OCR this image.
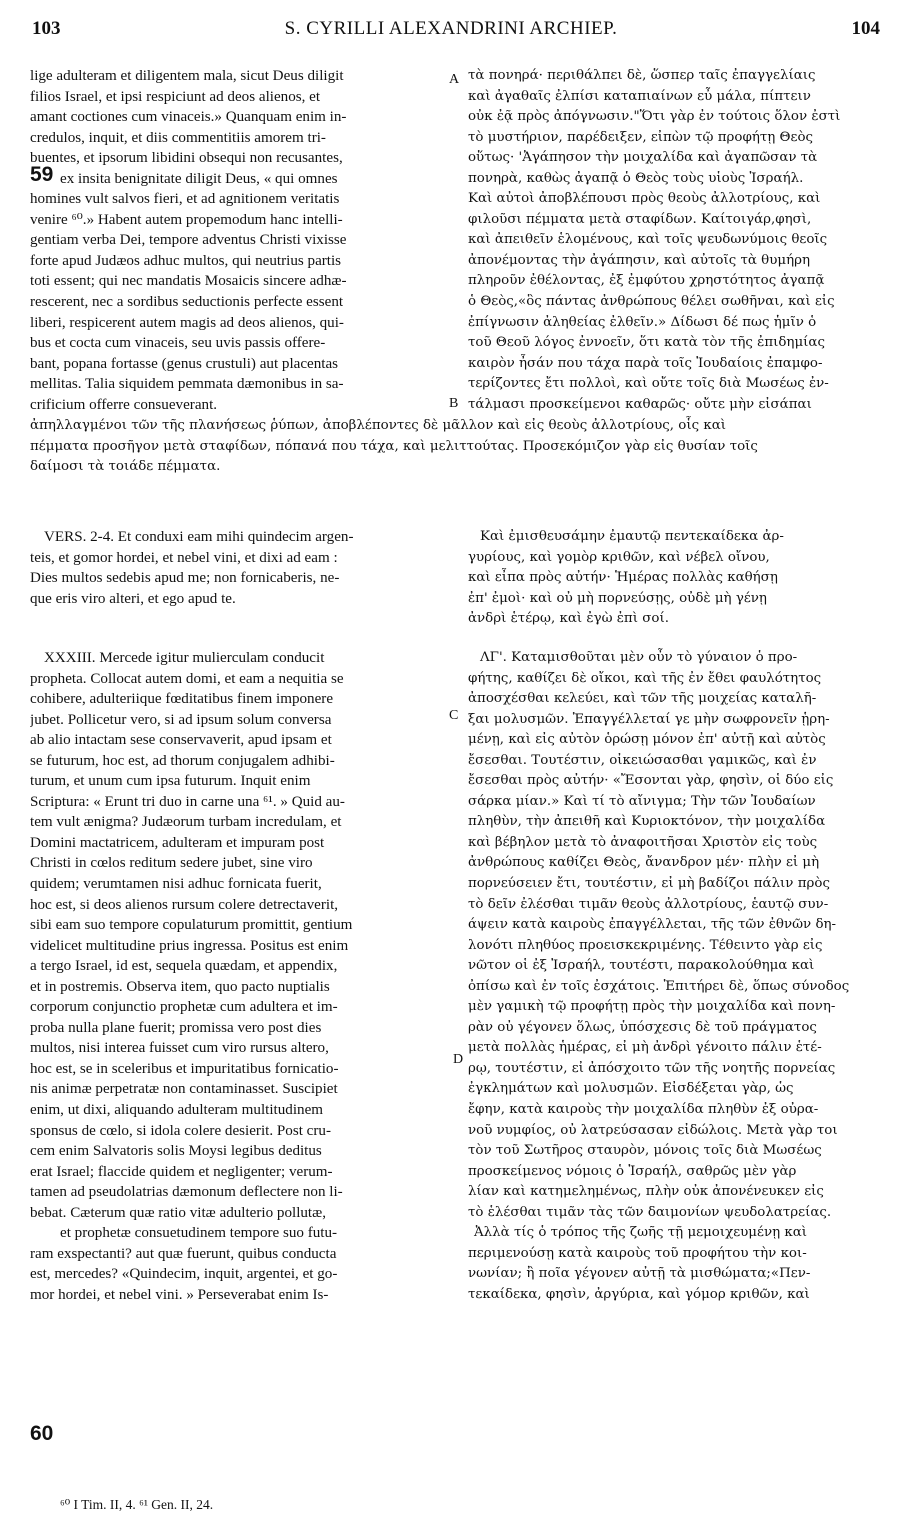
103	S. CYRILLI ALEXANDRINI ARCHIEP.	104
lige adulteram et diligentem mala, sicut Deus diligit
filios Israel, et ipsi respiciunt ad deos alienos, et
amant coctiones cum vinaceis.» Quanquam enim in-
credulos, inquit, et diis commentitiis amorem tri-
buentes, et ipsorum libidini obsequi non recusantes,
ex insita benignitate diligit Deus, « qui omnes
homines vult salvos fieri, et ad agnitionem veritatis
venire ⁶⁰.» Habent autem propemodum hanc intelli-
gentiam verba Dei, tempore adventus Christi vixisse
forte apud Judæos adhuc multos, qui neutrius partis
toti essent; qui nec mandatis Mosaicis sincere adhæ-
rescerent, nec a sordibus seductionis perfecte essent
liberi, respicerent autem magis ad deos alienos, qui-
bus et cocta cum vinaceis, seu uvis passis offere-
bant, popana fortasse (genus crustuli) aut placentas
mellitas. Talia siquidem pemmata dæmonibus in sa-
crificium offerre consueverant.
τὰ πονηρά· περιθάλπει δὲ, ὥσπερ ταῖς ἐπαγγελίαις
καὶ ἀγαθαῖς ἐλπίσι καταπιαίνων εὖ μάλα, πίπτειν
οὐκ ἐᾷ πρὸς ἀπόγνωσιν."Ὅτι γὰρ ἐν τούτοις ὅλον ἐστὶ
τὸ μυστήριον, παρέδειξεν, εἰπὼν τῷ προφήτῃ Θεὸς
οὕτως· 'Ἀγάπησον τὴν μοιχαλίδα καὶ ἀγαπῶσαν τὰ
πονηρὰ, καθὼς ἀγαπᾷ ὁ Θεὸς τοὺς υἱοὺς Ἰσραήλ.
Καὶ αὐτοὶ ἀποβλέπουσι πρὸς θεοὺς ἀλλοτρίους, καὶ
φιλοῦσι πέμματα μετὰ σταφίδων. Καίτοιγάρ,φησὶ,
καὶ ἀπειθεῖν ἑλομένους, καὶ τοῖς ψευδωνύμοις θεοῖς
ἀπονέμοντας τὴν ἀγάπησιν, καὶ αὐτοῖς τὰ θυμήρη
πληροῦν ἐθέλοντας, ἐξ ἐμφύτου χρηστότητος ἀγαπᾷ
ὁ Θεὸς,«ὃς πάντας ἀνθρώπους θέλει σωθῆναι, καὶ εἰς
ἐπίγνωσιν ἀληθείας ἐλθεῖν.» Δίδωσι δέ πως ἡμῖν ὁ
τοῦ Θεοῦ λόγος ἐννοεῖν, ὅτι κατὰ τὸν τῆς ἐπιδημίας
καιρὸν ἦσάν που τάχα παρὰ τοῖς Ἰουδαίοις ἐπαμφο-
τερίζοντες ἔτι πολλοὶ, καὶ οὔτε τοῖς διὰ Μωσέως ἐν-
τάλμασι προσκείμενοι καθαρῶς· οὔτε μὴν εἰσάπαι
ἀπηλλαγμένοι τῶν τῆς πλανήσεως ῥύπων, ἀποβλέποντες δὲ μᾶλλον καὶ εἰς θεοὺς ἀλλοτρίους, οἷς καὶ
πέμματα προσῆγον μετὰ σταφίδων, πόπανά που τάχα, καὶ μελιττούτας. Προσεκόμιζον γὰρ εἰς θυσίαν τοῖς
δαίμοσι τὰ τοιάδε πέμματα.
VERS. 2-4. Et conduxi eam mihi quindecim argen-
teis, et gomor hordei, et nebel vini, et dixi ad eam :
Dies multos sedebis apud me; non fornicaberis, ne-
que eris viro alteri, et ego apud te.
Καὶ ἐμισθευσάμην ἐμαυτῷ πεντεκαίδεκα ἀρ-
γυρίους, καὶ γομὸρ κριθῶν, καὶ νέβελ οἴνου,
καὶ εἶπα πρὸς αὐτήν· Ἡμέρας πολλὰς καθήσῃ
ἐπ' ἐμοὶ· καὶ οὐ μὴ πορνεύσῃς, οὐδὲ μὴ γένῃ
ἀνδρὶ ἑτέρῳ, καὶ ἐγὼ ἐπὶ σοί.
XXXIII. Mercede igitur mulierculam conducit
propheta. Collocat autem domi, et eam a nequitia se
cohibere, adulteriique fœditatibus finem imponere
jubet. Pollicetur vero, si ad ipsum solum conversa
ab alio intactam sese conservaverit, apud ipsam et
se futurum, hoc est, ad thorum conjugalem adhibi-
turum, et unum cum ipsa futurum. Inquit enim
Scriptura: « Erunt tri duo in carne una ⁶¹. » Quid au-
tem vult ænigma? Judæorum turbam incredulam, et
Domini mactatricem, adulteram et impuram post
Christi in cœlos reditum sedere jubet, sine viro
quidem; verumtamen nisi adhuc fornicata fuerit,
hoc est, si deos alienos rursum colere detrectaverit,
sibi eam suo tempore copulaturum promittit, gentium
videlicet multitudine prius ingressa. Positus est enim
a tergo Israel, id est, sequela quædam, et appendix,
et in postremis. Observa item, quo pacto nuptialis
corporum conjunctio prophetæ cum adultera et im-
proba nulla plane fuerit; promissa vero post dies
multos, nisi interea fuisset cum viro rursus altero,
hoc est, se in sceleribus et impuritatibus fornicatio-
nis animæ perpetratæ non contaminasset. Suscipiet
enim, ut dixi, aliquando adulteram multitudinem
sponsus de cœlo, si idola colere desierit. Post cru-
cem enim Salvatoris solis Moysi legibus deditus
erat Israel; flaccide quidem et negligenter; verum-
tamen ad pseudolatrias dæmonum deflectere non li-
bebat. Cæterum quæ ratio vitæ adulterio pollutæ,
et prophetæ consuetudinem tempore suo futu-
ram exspectanti? aut quæ fuerunt, quibus conducta
est, mercedes? «Quindecim, inquit, argentei, et go-
mor hordei, et nebel vini. » Perseverabat enim Is-
ΛΓ'. Καταμισθοῦται μὲν οὖν τὸ γύναιον ὁ προ-
φήτης, καθίζει δὲ οἴκοι, καὶ τῆς ἐν ἔθει φαυλότητος
ἀποσχέσθαι κελεύει, καὶ τῶν τῆς μοιχείας καταλῆ-
ξαι μολυσμῶν. Ἐπαγγέλλεταί γε μὴν σωφρονεῖν ᾑρη-
μένῃ, καὶ εἰς αὐτὸν ὁρώσῃ μόνον ἐπ' αὐτῇ καὶ αὐτὸς
ἔσεσθαι. Τουτέστιν, οἰκειώσασθαι γαμικῶς, καὶ ἐν
ἔσεσθαι πρὸς αὐτήν· «Ἔσονται γὰρ, φησὶν, οἱ δύο εἰς
σάρκα μίαν.» Καὶ τί τὸ αἴνιγμα; Τὴν τῶν Ἰουδαίων
πληθὺν, τὴν ἀπειθῆ καὶ Κυριοκτόνον, τὴν μοιχαλίδα
καὶ βέβηλον μετὰ τὸ ἀναφοιτῆσαι Χριστὸν εἰς τοὺς
ἀνθρώπους καθίζει Θεὸς, ἄνανδρον μέν· πλὴν εἰ μὴ
πορνεύσειεν ἔτι, τουτέστιν, εἰ μὴ βαδίζοι πάλιν πρὸς
τὸ δεῖν ἐλέσθαι τιμᾶν θεοὺς ἀλλοτρίους, ἑαυτῷ συν-
άψειν κατὰ καιροὺς ἐπαγγέλλεται, τῆς τῶν ἐθνῶν δη-
λονότι πληθύος προεισκεκριμένης. Τέθειντο γὰρ εἰς
νῶτον οἱ ἐξ Ἰσραήλ, τουτέστι, παρακολούθημα καὶ
ὀπίσω καὶ ἐν τοῖς ἐσχάτοις. Ἐπιτήρει δὲ, ὅπως σύνοδος
μὲν γαμικὴ τῷ προφήτῃ πρὸς τὴν μοιχαλίδα καὶ πονη-
ρὰν οὐ γέγονεν ὅλως, ὑπόσχεσις δὲ τοῦ πράγματος
μετὰ πολλὰς ἡμέρας, εἰ μὴ ἀνδρὶ γένοιτο πάλιν ἑτέ-
ρῳ, τουτέστιν, εἰ ἀπόσχοιτο τῶν τῆς νοητῆς πορνείας
ἐγκλημάτων καὶ μολυσμῶν. Εἰσδέξεται γὰρ, ὡς
ἔφην, κατὰ καιροὺς τὴν μοιχαλίδα πληθὺν ἐξ οὐρα-
νοῦ νυμφίος, οὐ λατρεύσασαν εἰδώλοις. Μετὰ γὰρ τοι
τὸν τοῦ Σωτῆρος σταυρὸν, μόνοις τοῖς διὰ Μωσέως
προσκείμενος νόμοις ὁ Ἰσραήλ, σαθρῶς μὲν γὰρ
λίαν καὶ κατημελημένως, πλὴν οὐκ ἀπονένευκεν εἰς
τὸ ἑλέσθαι τιμᾶν τὰς τῶν δαιμονίων ψευδολατρείας.
Ἀλλὰ τίς ὁ τρόπος τῆς ζωῆς τῇ μεμοιχευμένῃ καὶ
περιμενούσῃ κατὰ καιροὺς τοῦ προφήτου τὴν κοι-
νωνίαν; ἢ ποῖα γέγονεν αὐτῇ τὰ μισθώματα;«Πεν-
τεκαίδεκα, φησὶν, ἀργύρια, καὶ γόμορ κριθῶν, καὶ
A
B
C
D
59
60
⁶⁰ I Tim. II, 4. ⁶¹ Gen. II, 24.
